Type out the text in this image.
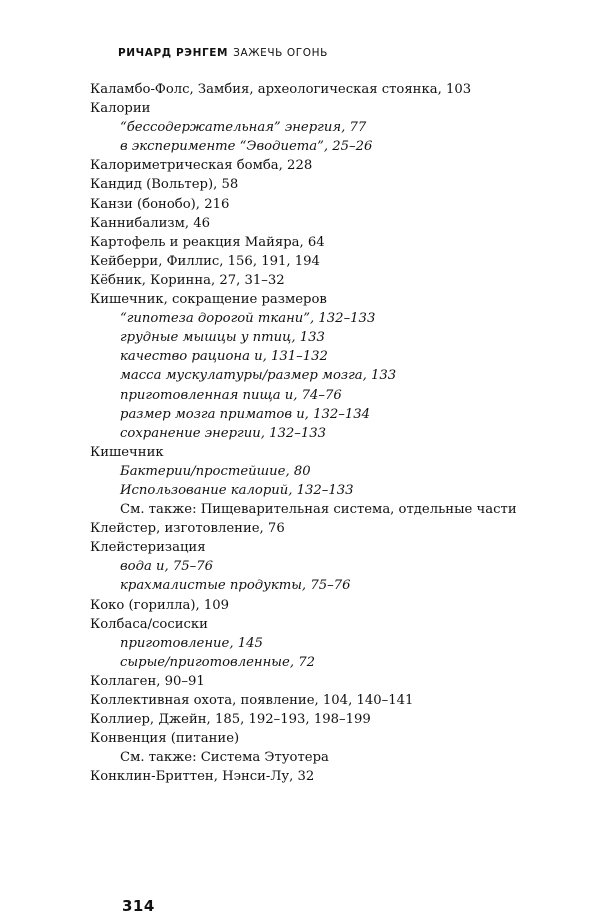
РИЧАРД РЭНГЕМ ЗАЖЕЧЬ ОГОНЬ
Каламбо-Фолс, Замбия, археологическая стоянка, 103
Калории
“бессодержательная” энергия, 77
в эксперименте “Эводиета”, 25–26
Калориметрическая бомба, 228
Кандид (Вольтер), 58
Канзи (бонобо), 216
Каннибализм, 46
Картофель и реакция Майяра, 64
Кейберри, Филлис, 156, 191, 194
Кёбник, Коринна, 27, 31–32
Кишечник, сокращение размеров
“гипотеза дорогой ткани”, 132–133
грудные мышцы у птиц, 133
качество рациона и, 131–132
масса мускулатуры/размер мозга, 133
приготовленная пища и, 74–76
размер мозга приматов и, 132–134
сохранение энергии, 132–133
Кишечник
Бактерии/простейшие, 80
Использование калорий, 132–133
См. также: Пищеварительная система, отдельные части
Клейстер, изготовление, 76
Клейстеризация
вода и, 75–76
крахмалистые продукты, 75–76
Коко (горилла), 109
Колбаса/сосиски
приготовление, 145
сырые/приготовленные, 72
Коллаген, 90–91
Коллективная охота, появление, 104, 140–141
Коллиер, Джейн, 185, 192–193, 198–199
Конвенция (питание)
См. также: Система Этуотера
Конклин-Бриттен, Нэнси-Лу, 32
314
